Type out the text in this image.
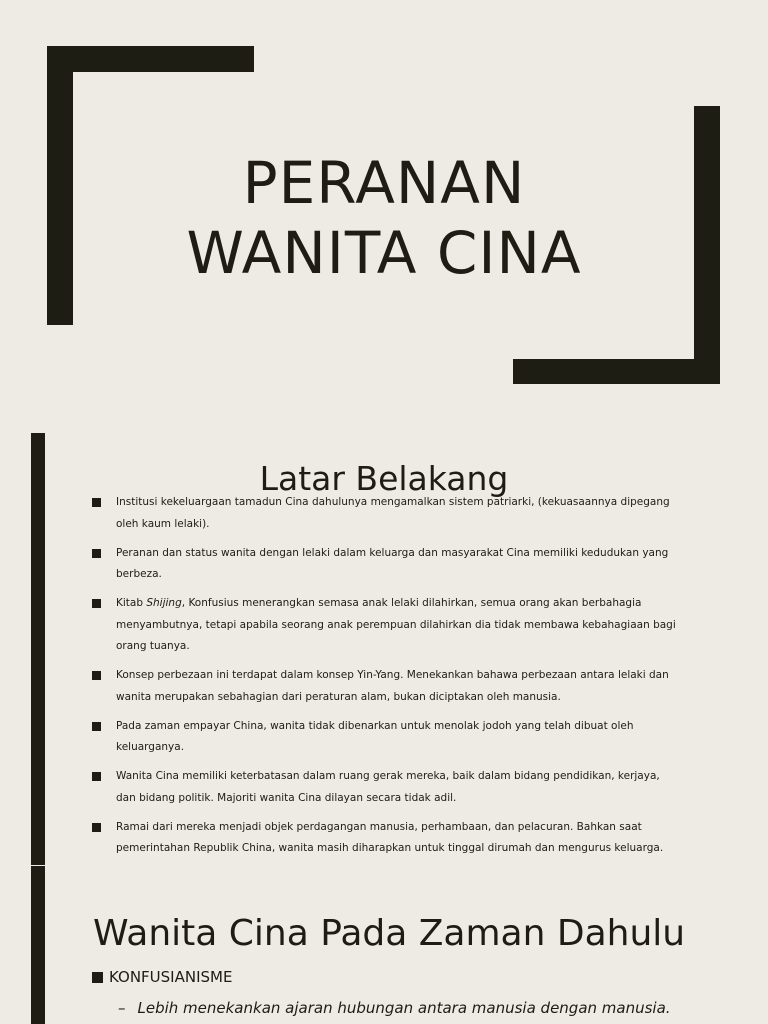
PERANAN
WANITA CINA
Latar Belakang
Institusi kekeluargaan tamadun Cina dahulunya mengamalkan sistem patriarki, (kekuasaannya dipegang oleh kaum lelaki).
Peranan dan status wanita dengan lelaki dalam keluarga dan masyarakat Cina memiliki kedudukan yang berbeza.
Kitab Shijing, Konfusius menerangkan semasa anak lelaki dilahirkan, semua orang akan berbahagia menyambutnya, tetapi apabila seorang anak perempuan dilahirkan dia tidak membawa kebahagiaan bagi orang tuanya.
Konsep perbezaan ini terdapat dalam konsep Yin-Yang. Menekankan bahawa perbezaan antara lelaki dan wanita merupakan sebahagian dari peraturan alam, bukan diciptakan oleh manusia.
Pada zaman empayar China, wanita tidak dibenarkan untuk menolak jodoh yang telah dibuat oleh keluarganya.
Wanita Cina memiliki keterbatasan dalam ruang gerak mereka, baik dalam bidang pendidikan, kerjaya, dan bidang politik. Majoriti wanita Cina dilayan secara tidak adil.
Ramai dari mereka menjadi objek perdagangan manusia, perhambaan, dan pelacuran. Bahkan saat pemerintahan Republik China, wanita masih diharapkan untuk tinggal dirumah dan mengurus keluarga.
Wanita Cina Pada Zaman Dahulu
KONFUSIANISME
– Lebih menekankan ajaran hubungan antara manusia dengan manusia.
